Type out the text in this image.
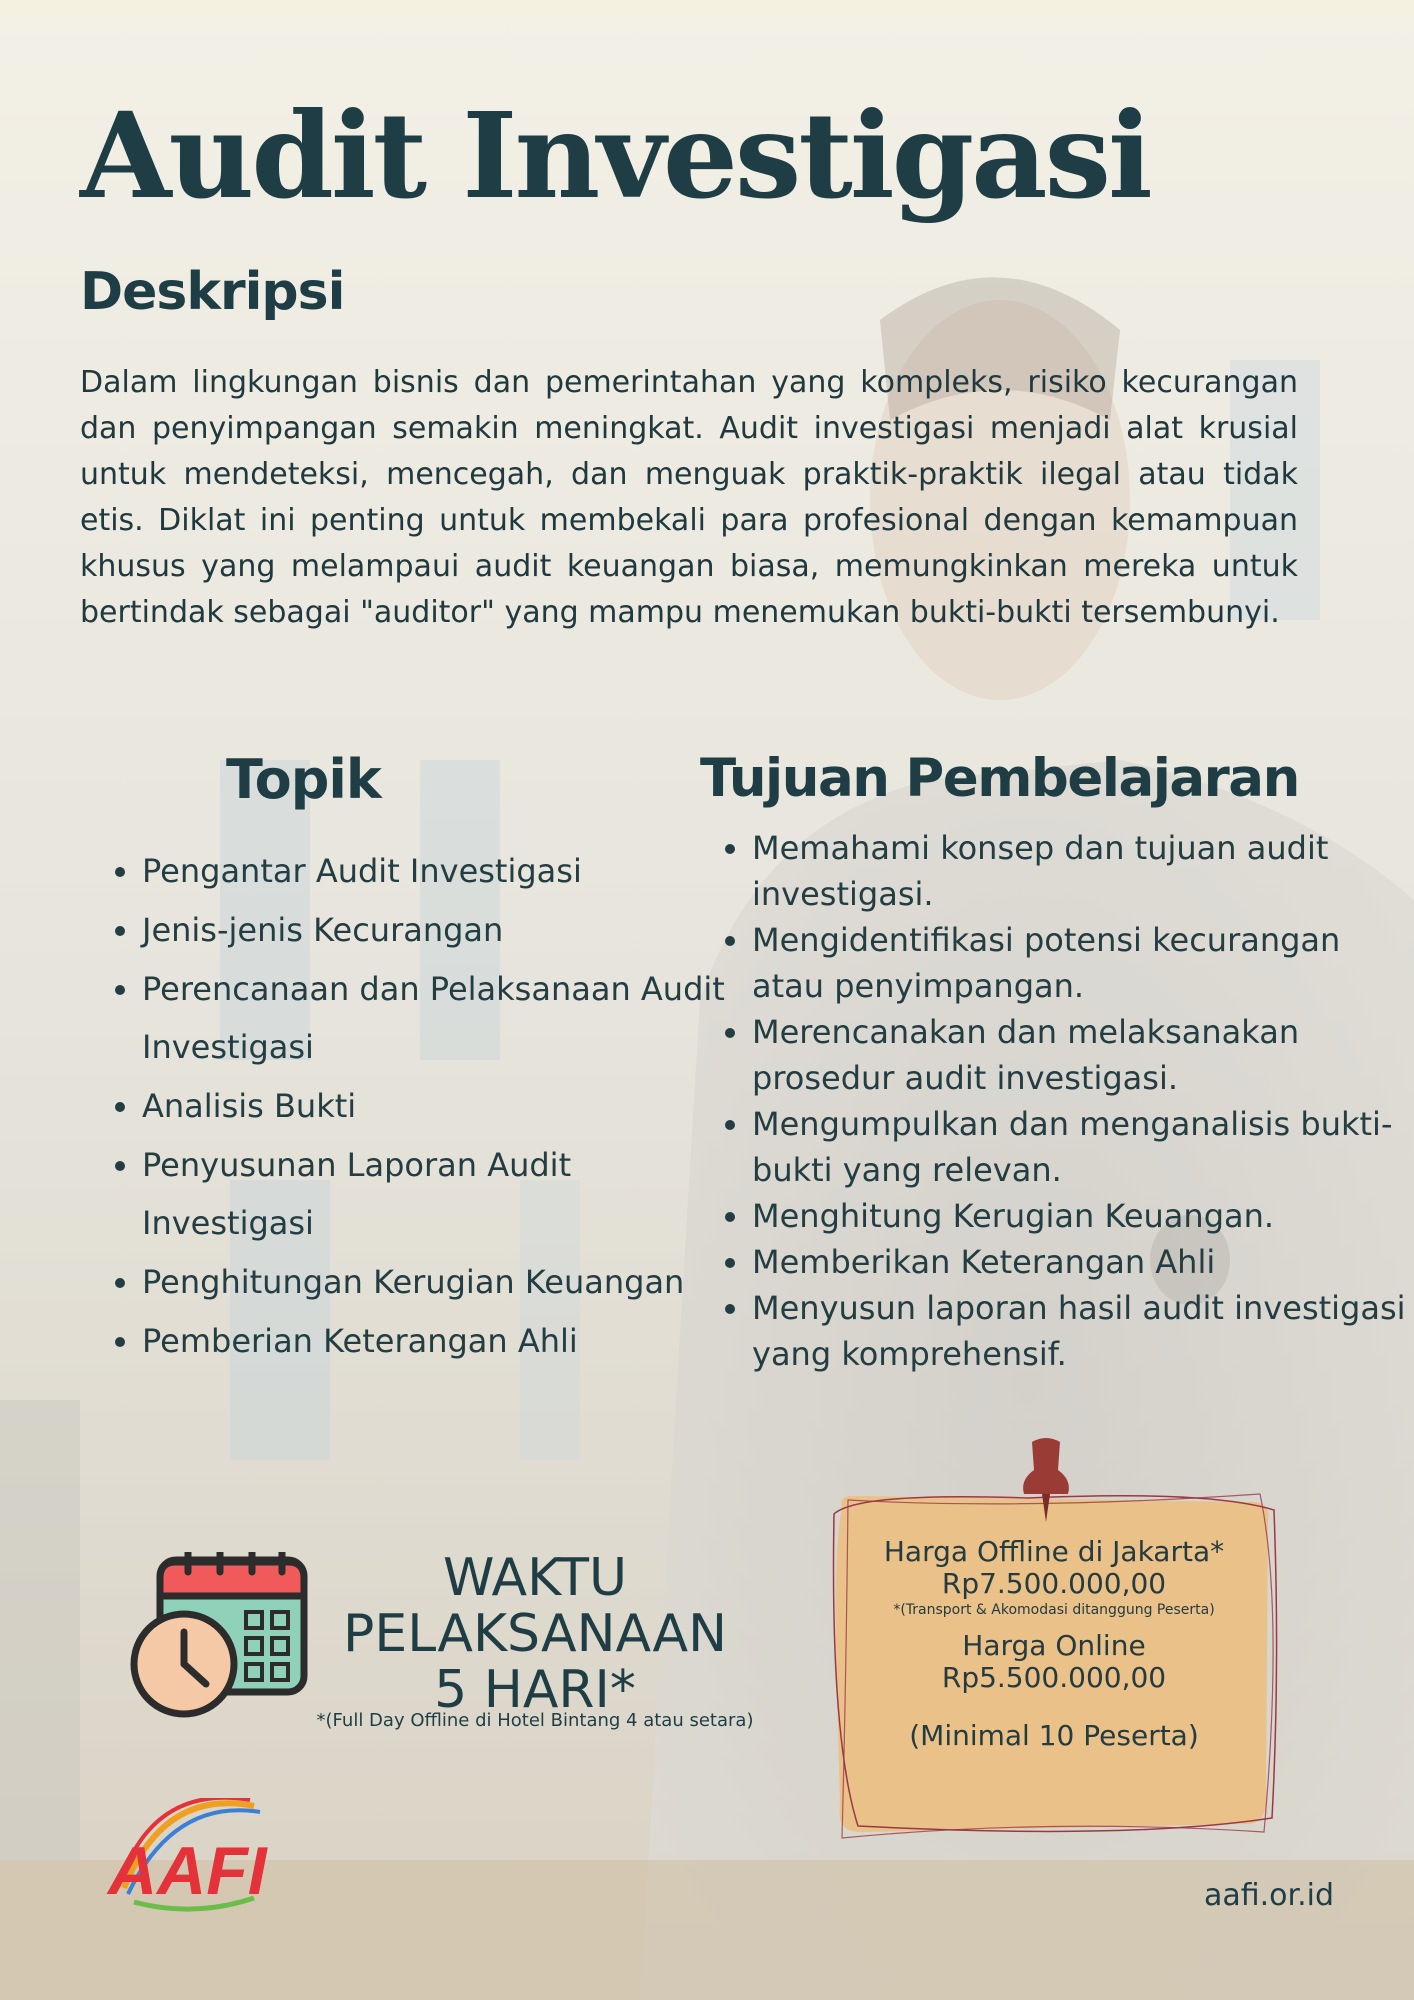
Audit Investigasi
Deskripsi

Dalam lingkungan bisnis dan pemerintahan yang kompleks, risiko kecurangan dan penyimpangan semakin meningkat. Audit investigasi menjadi alat krusial untuk mendeteksi, mencegah, dan menguak praktik-praktik ilegal atau tidak etis. Diklat ini penting untuk membekali para profesional dengan kemampuan khusus yang melampaui audit keuangan biasa, memungkinkan mereka untuk bertindak sebagai "auditor" yang mampu menemukan bukti-bukti tersembunyi.

Topik
• Pengantar Audit Investigasi
• Jenis-jenis Kecurangan
• Perencanaan dan Pelaksanaan Audit Investigasi
• Analisis Bukti
• Penyusunan Laporan Audit Investigasi
• Penghitungan Kerugian Keuangan
• Pemberian Keterangan Ahli
Tujuan Pembelajaran
• Memahami konsep dan tujuan audit investigasi.
• Mengidentifikasi potensi kecurangan atau penyimpangan.
• Merencanakan dan melaksanakan prosedur audit investigasi.
• Mengumpulkan dan menganalisis bukti-bukti yang relevan.
• Menghitung Kerugian Keuangan.
• Memberikan Keterangan Ahli
• Menyusun laporan hasil audit investigasi yang komprehensif.
WAKTU
PELAKSANAAN
5 HARI*
*(Full Day Offline di Hotel Bintang 4 atau setara)
Harga Offline di Jakarta*
Rp7.500.000,00
*(Transport & Akomodasi ditanggung Peserta)
Harga Online
Rp5.500.000,00
(Minimal 10 Peserta)
AAFI	aafi.or.id
